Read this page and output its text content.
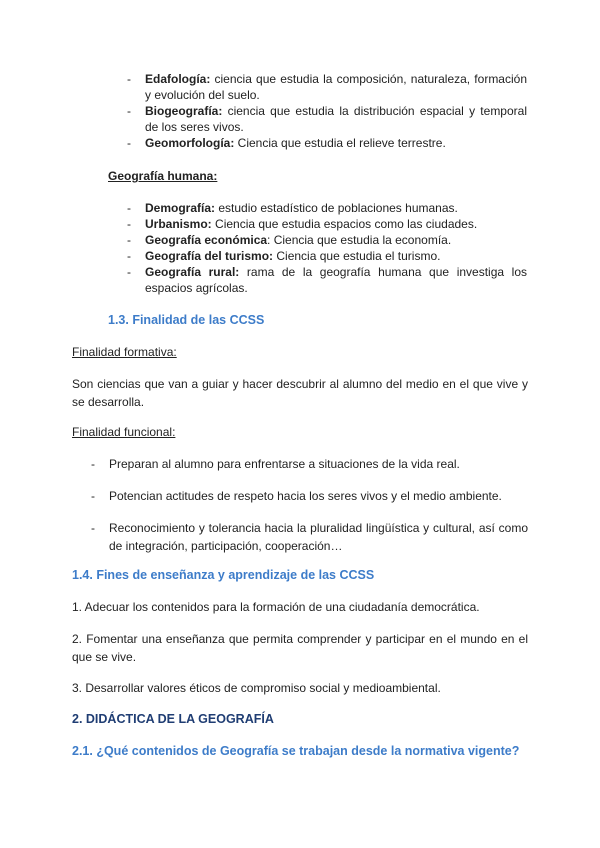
- Edafología: ciencia que estudia la composición, naturaleza, formación y evolución del suelo.
- Biogeografía: ciencia que estudia la distribución espacial y temporal de los seres vivos.
- Geomorfología: Ciencia que estudia el relieve terrestre.
Geografía humana:
- Demografía: estudio estadístico de poblaciones humanas.
- Urbanismo: Ciencia que estudia espacios como las ciudades.
- Geografía económica: Ciencia que estudia la economía.
- Geografía del turismo: Ciencia que estudia el turismo.
- Geografía rural: rama de la geografía humana que investiga los espacios agrícolas.
1.3. Finalidad de las CCSS
Finalidad formativa:
Son ciencias que van a guiar y hacer descubrir al alumno del medio en el que vive y se desarrolla.
Finalidad funcional:
- Preparan al alumno para enfrentarse a situaciones de la vida real.
- Potencian actitudes de respeto hacia los seres vivos y el medio ambiente.
- Reconocimiento y tolerancia hacia la pluralidad lingüística y cultural, así como de integración, participación, cooperación…
1.4. Fines de enseñanza y aprendizaje de las CCSS
1. Adecuar los contenidos para la formación de una ciudadanía democrática.
2. Fomentar una enseñanza que permita comprender y participar en el mundo en el que se vive.
3. Desarrollar valores éticos de compromiso social y medioambiental.
2. DIDÁCTICA DE LA GEOGRAFÍA
2.1. ¿Qué contenidos de Geografía se trabajan desde la normativa vigente?
